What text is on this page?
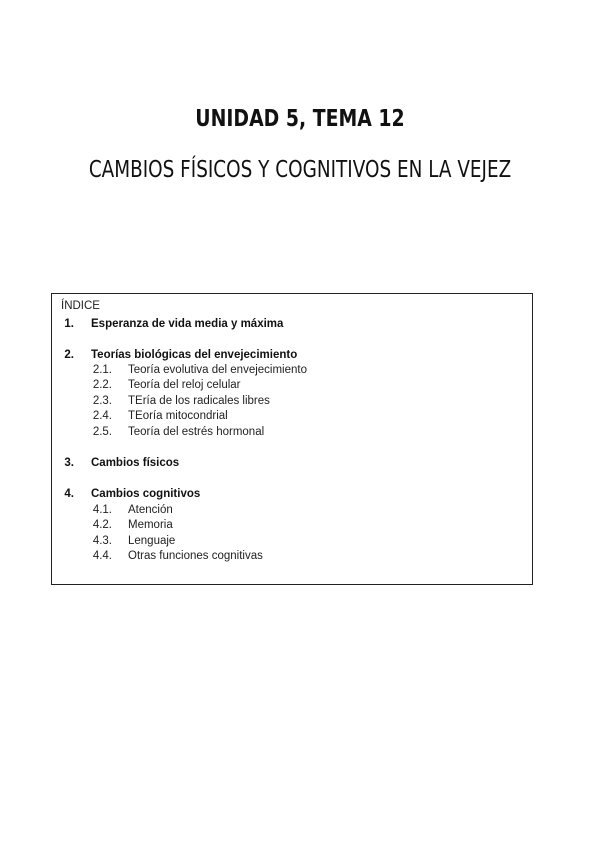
UNIDAD 5, TEMA 12
CAMBIOS FÍSICOS Y COGNITIVOS EN LA VEJEZ
ÍNDICE
1. Esperanza de vida media y máxima
2. Teorías biológicas del envejecimiento
2.1. Teoría evolutiva del envejecimiento
2.2. Teoría del reloj celular
2.3. TEría de los radicales libres
2.4. TEoría mitocondrial
2.5. Teoría del estrés hormonal
3. Cambios físicos
4. Cambios cognitivos
4.1. Atención
4.2. Memoria
4.3. Lenguaje
4.4. Otras funciones cognitivas
